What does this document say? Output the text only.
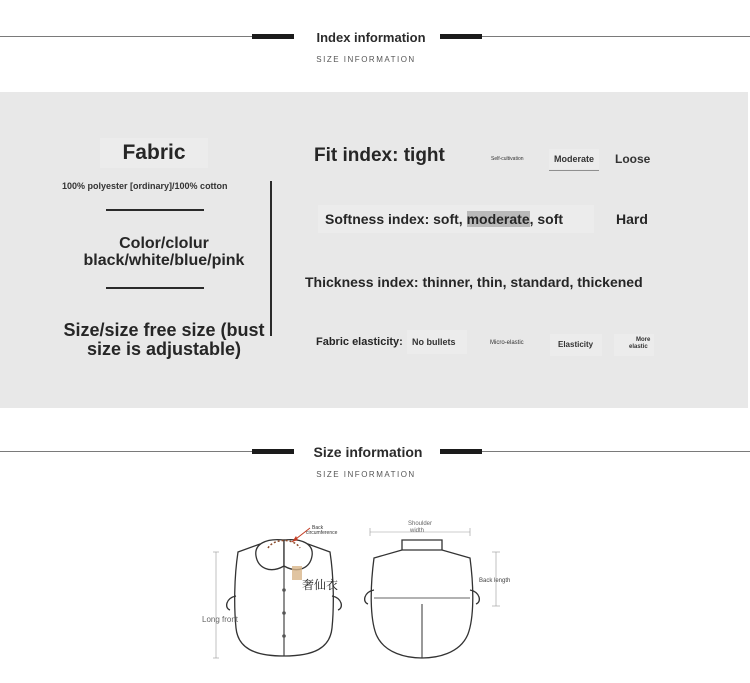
Index information
SIZE INFORMATION
Fabric
100% polyester [ordinary]/100% cotton
Color/clolur
black/white/blue/pink
Size/size free size (bust
size is adjustable)
Fit index: tight	Self-cultivation	Moderate Loose
Softness index: soft, moderate, soft	Hard
Thickness index: thinner, thin, standard, thickened
Fabric elasticity: No bullets	Micro-elastic	Elasticity	More
elastic
Size information
SIZE INFORMATION
Back
circumference
奢仙衣
Long front
Shoulder
width
Back length
